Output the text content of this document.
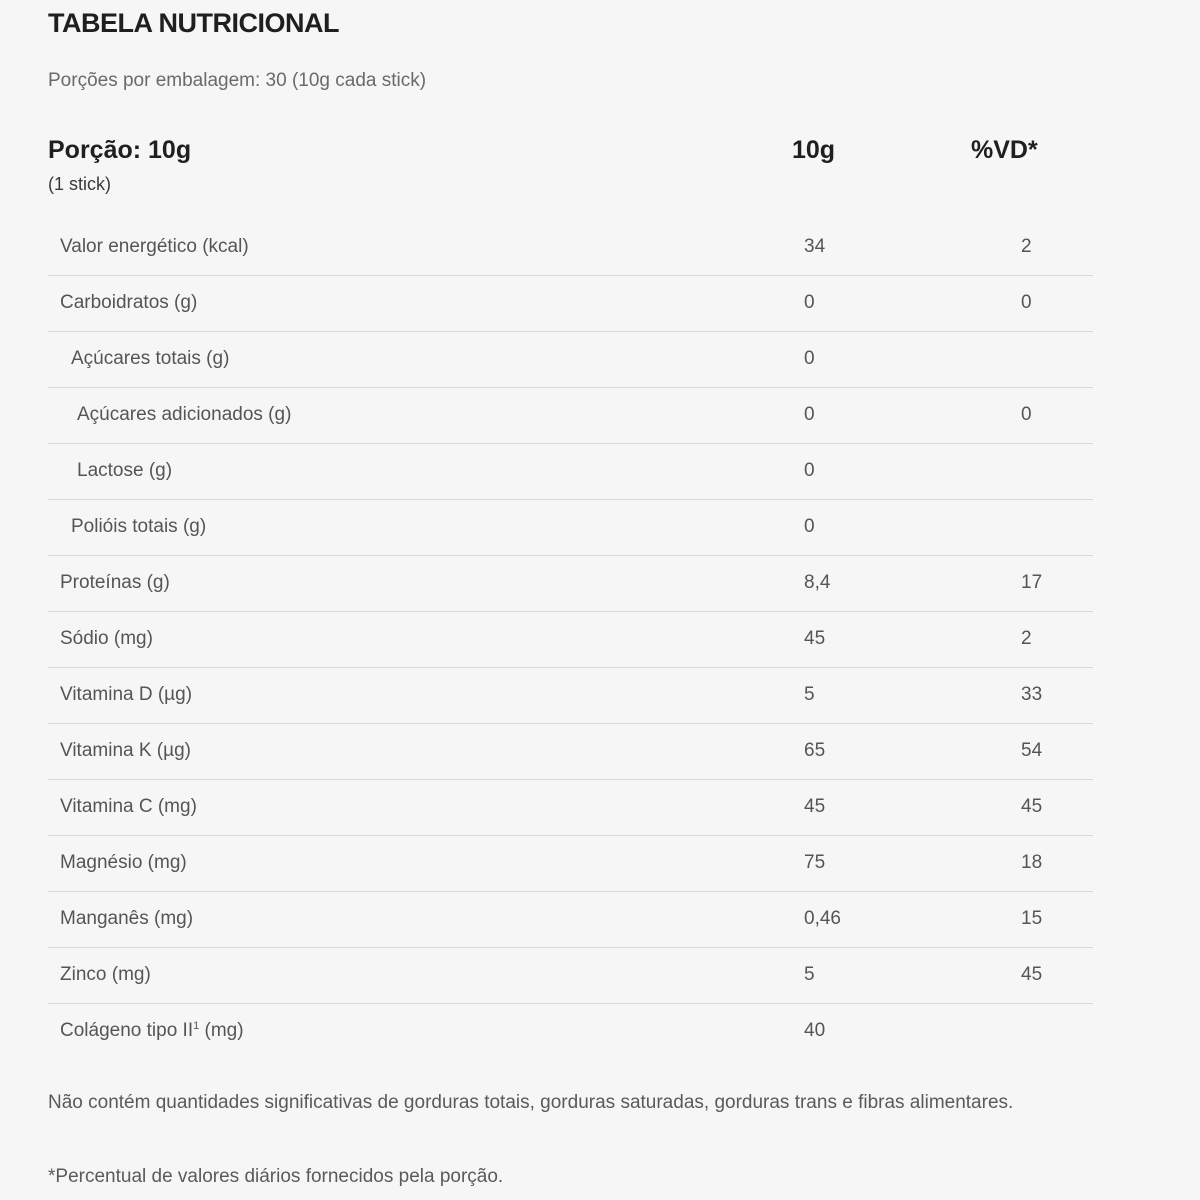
TABELA NUTRICIONAL
Porções por embalagem: 30 (10g cada stick)
Porção: 10g
(1 stick)
10g	%VD*
Valor energético (kcal)	34	2
Carboidratos (g)	0	0
Açúcares totais (g)	0
Açúcares adicionados (g)	0	0
Lactose (g)	0
Polióis totais (g)	0
Proteínas (g)	8,4	17
Sódio (mg)	45	2
Vitamina D (µg)	5	33
Vitamina K (µg)	65	54
Vitamina C (mg)	45	45
Magnésio (mg)	75	18
Manganês (mg)	0,46	15
Zinco (mg)	5	45
Colágeno tipo $II^1$ (mg)	40
Não contém quantidades significativas de gorduras totais, gorduras saturadas, gorduras trans e fibras alimentares.
*Percentual de valores diários fornecidos pela porção.
